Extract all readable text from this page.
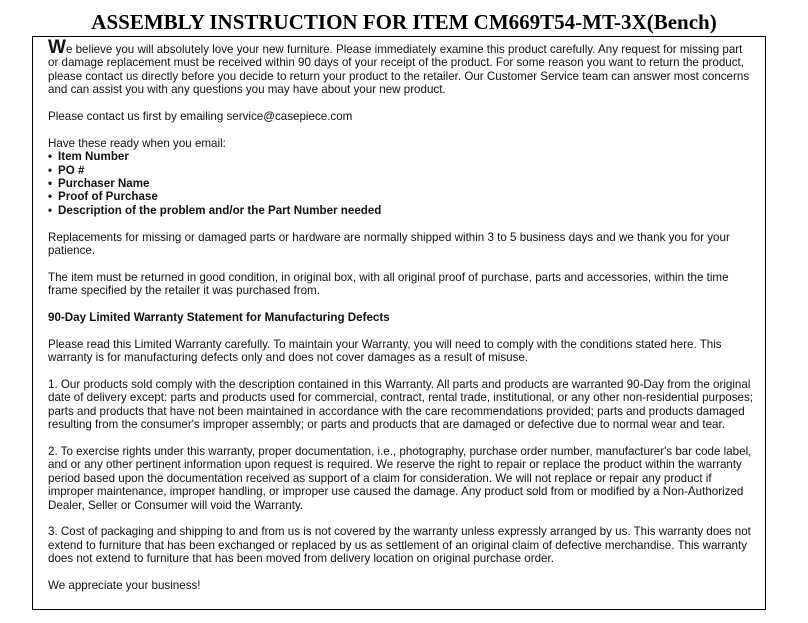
ASSEMBLY INSTRUCTION FOR ITEM CM669T54-MT-3X(Bench)

We believe you will absolutely love your new furniture. Please immediately examine this product carefully. Any request for missing part or damage replacement must be received within 90 days of your receipt of the product. For some reason you want to return the product, please contact us directly before you decide to return your product to the retailer. Our Customer Service team can answer most concerns and can assist you with any questions you may have about your new product.

Please contact us first by emailing service@casepiece.com

Have these ready when you email:
• Item Number
• PO #
• Purchaser Name
• Proof of Purchase
• Description of the problem and/or the Part Number needed

Replacements for missing or damaged parts or hardware are normally shipped within 3 to 5 business days and we thank you for your patience.

The item must be returned in good condition, in original box, with all original proof of purchase, parts and accessories, within the time frame specified by the retailer it was purchased from.

90-Day Limited Warranty Statement for Manufacturing Defects

Please read this Limited Warranty carefully. To maintain your Warranty, you will need to comply with the conditions stated here. This warranty is for manufacturing defects only and does not cover damages as a result of misuse.

1. Our products sold comply with the description contained in this Warranty. All parts and products are warranted 90-Day from the original date of delivery except: parts and products used for commercial, contract, rental trade, institutional, or any other non-residential purposes; parts and products that have not been maintained in accordance with the care recommendations provided; parts and products damaged resulting from the consumer's improper assembly; or parts and products that are damaged or defective due to normal wear and tear.

2. To exercise rights under this warranty, proper documentation, i.e., photography, purchase order number, manufacturer's bar code label, and or any other pertinent information upon request is required. We reserve the right to repair or replace the product within the warranty period based upon the documentation received as support of a claim for consideration. We will not replace or repair any product if improper maintenance, improper handling, or improper use caused the damage. Any product sold from or modified by a Non-Authorized Dealer, Seller or Consumer will void the Warranty.

3. Cost of packaging and shipping to and from us is not covered by the warranty unless expressly arranged by us. This warranty does not extend to furniture that has been exchanged or replaced by us as settlement of an original claim of defective merchandise. This warranty does not extend to furniture that has been moved from delivery location on original purchase order.

We appreciate your business!
